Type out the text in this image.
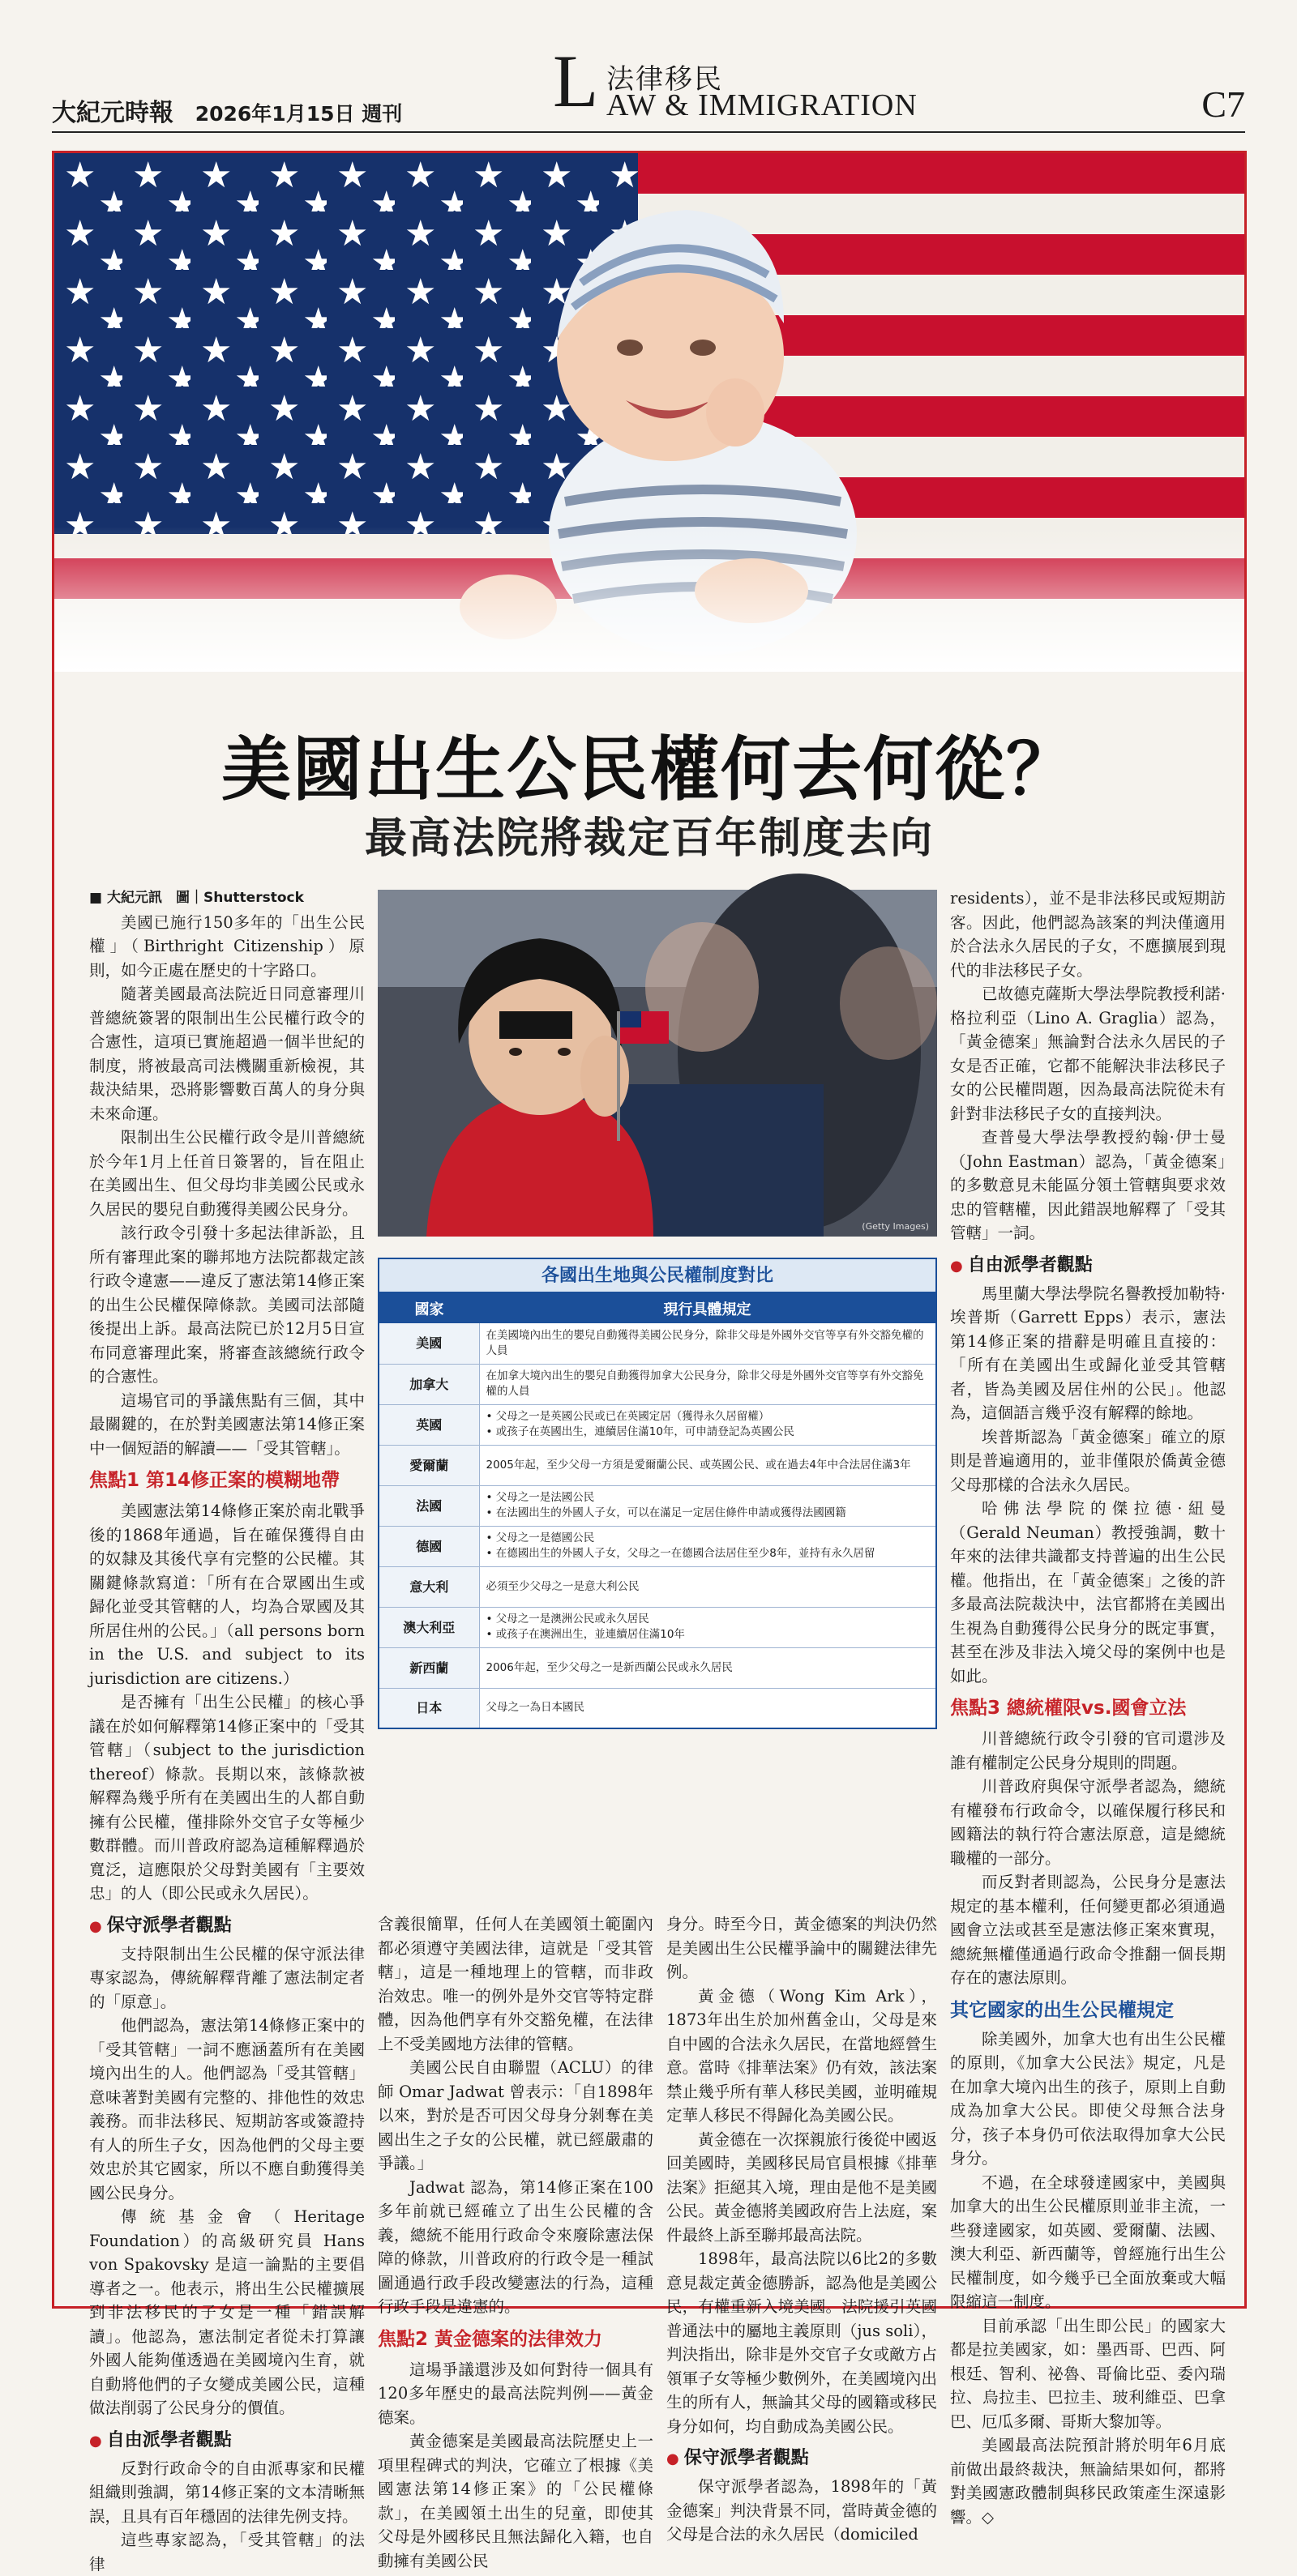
大紀元時報 2026年1月15日 週刊 L 法律移民
AW & IMMIGRATION	C7
美國出生公民權何去何從？
最高法院將裁定百年制度去向

■ 大紀元訊　圖｜Shutterstock

美國已施行150多年的「出生公民權」（Birthright Citizenship）原則，如今正處在歷史的十字路口。

隨著美國最高法院近日同意審理川普總統簽署的限制出生公民權行政令的合憲性，這項已實施超過一個半世紀的制度，將被最高司法機關重新檢視，其裁決結果，恐將影響數百萬人的身分與未來命運。

限制出生公民權行政令是川普總統於今年1月上任首日簽署的，旨在阻止在美國出生、但父母均非美國公民或永久居民的嬰兒自動獲得美國公民身分。

該行政令引發十多起法律訴訟，且所有審理此案的聯邦地方法院都裁定該行政令違憲——違反了憲法第14修正案的出生公民權保障條款。美國司法部隨後提出上訴。最高法院已於12月5日宣布同意審理此案，將審查該總統行政令的合憲性。

這場官司的爭議焦點有三個，其中最關鍵的，在於對美國憲法第14修正案中一個短語的解讀——「受其管轄」。

焦點1 第14修正案的模糊地帶

美國憲法第14條修正案於南北戰爭後的1868年通過，旨在確保獲得自由的奴隸及其後代享有完整的公民權。其關鍵條款寫道：「所有在合眾國出生或歸化並受其管轄的人，均為合眾國及其所居住州的公民。」（all persons born in the U.S. and subject to its jurisdiction are citizens.）

是否擁有「出生公民權」的核心爭議在於如何解釋第14修正案中的「受其管轄」（subject to the jurisdiction thereof）條款。長期以來，該條款被解釋為幾乎所有在美國出生的人都自動擁有公民權，僅排除外交官子女等極少數群體。而川普政府認為這種解釋過於寬泛，這應限於父母對美國有「主要效忠」的人（即公民或永久居民）。

● 保守派學者觀點

支持限制出生公民權的保守派法律專家認為，傳統解釋背離了憲法制定者的「原意」。

他們認為，憲法第14條修正案中的「受其管轄」一詞不應涵蓋所有在美國境內出生的人。他們認為「受其管轄」意味著對美國有完整的、排他性的效忠義務。而非法移民、短期訪客或簽證持有人的所生子女，因為他們的父母主要效忠於其它國家，所以不應自動獲得美國公民身分。

傳統基金會（Heritage Foundation）的高級研究員 Hans von Spakovsky 是這一論點的主要倡導者之一。他表示，將出生公民權擴展到非法移民的子女是一種「錯誤解讀」。他認為，憲法制定者從未打算讓外國人能夠僅透過在美國境內生育，就自動將他們的子女變成美國公民，這種做法削弱了公民身分的價值。

● 自由派學者觀點

反對行政命令的自由派專家和民權組織則強調，第14修正案的文本清晰無誤，且具有百年穩固的法律先例支持。

這些專家認為，「受其管轄」的法律

(Getty Images)
各國出生地與公民權制度對比
國家	現行具體規定
美國	在美國境內出生的嬰兒自動獲得美國公民身分，除非父母是外國外交官等享有外交豁免權的人員
加拿大	在加拿大境內出生的嬰兒自動獲得加拿大公民身分，除非父母是外國外交官等享有外交豁免權的人員
英國	• 父母之一是英國公民或已在英國定居（獲得永久居留權）
• 或孩子在英國出生，連續居住滿10年，可申請登記為英國公民
愛爾蘭	2005年起，至少父母一方須是愛爾蘭公民、或英國公民、或在過去4年中合法居住滿3年
法國	• 父母之一是法國公民
• 在法國出生的外國人子女，可以在滿足一定居住條件申請或獲得法國國籍
德國	• 父母之一是德國公民
• 在德國出生的外國人子女，父母之一在德國合法居住至少8年，並持有永久居留
意大利	必須至少父母之一是意大利公民
澳大利亞	• 父母之一是澳洲公民或永久居民
• 或孩子在澳洲出生，並連續居住滿10年
新西蘭	2006年起，至少父母之一是新西蘭公民或永久居民
日本	父母之一為日本國民

含義很簡單，任何人在美國領土範圍內都必須遵守美國法律，這就是「受其管轄」，這是一種地理上的管轄，而非政治效忠。唯一的例外是外交官等特定群體，因為他們享有外交豁免權，在法律上不受美國地方法律的管轄。

美國公民自由聯盟（ACLU）的律師 Omar Jadwat 曾表示：「自1898年以來，對於是否可因父母身分剝奪在美國出生之子女的公民權，就已經嚴肅的爭議。」

Jadwat 認為，第14修正案在100多年前就已經確立了出生公民權的含義，總統不能用行政命令來廢除憲法保障的條款，川普政府的行政令是一種試圖通過行政手段改變憲法的行為，這種行政手段是違憲的。

焦點2 黃金德案的法律效力

這場爭議還涉及如何對待一個具有120多年歷史的最高法院判例——黃金德案。

黃金德案是美國最高法院歷史上一項里程碑式的判決，它確立了根據《美國憲法第14修正案》的「公民權條款」，在美國領土出生的兒童，即使其父母是外國移民且無法歸化入籍，也自動擁有美國公民

身分。時至今日，黃金德案的判決仍然是美國出生公民權爭論中的關鍵法律先例。

黃金德（Wong Kim Ark），1873年出生於加州舊金山，父母是來自中國的合法永久居民，在當地經營生意。當時《排華法案》仍有效，該法案禁止幾乎所有華人移民美國，並明確規定華人移民不得歸化為美國公民。

黃金德在一次探親旅行後從中國返回美國時，美國移民局官員根據《排華法案》拒絕其入境，理由是他不是美國公民。黃金德將美國政府告上法庭，案件最終上訴至聯邦最高法院。

1898年，最高法院以6比2的多數意見裁定黃金德勝訴，認為他是美國公民，有權重新入境美國。法院援引英國普通法中的屬地主義原則（jus soli），判決指出，除非是外交官子女或敵方占領軍子女等極少數例外，在美國境內出生的所有人，無論其父母的國籍或移民身分如何，均自動成為美國公民。

● 保守派學者觀點

保守派學者認為，1898年的「黃金德案」判決背景不同，當時黃金德的父母是合法的永久居民（domiciled

residents），並不是非法移民或短期訪客。因此，他們認為該案的判決僅適用於合法永久居民的子女，不應擴展到現代的非法移民子女。

已故德克薩斯大學法學院教授利諾·格拉利亞（Lino A. Graglia）認為，「黃金德案」無論對合法永久居民的子女是否正確，它都不能解決非法移民子女的公民權問題，因為最高法院從未有針對非法移民子女的直接判決。

查普曼大學法學教授約翰·伊士曼（John Eastman）認為，「黃金德案」的多數意見未能區分領土管轄與要求效忠的管轄權，因此錯誤地解釋了「受其管轄」一詞。

● 自由派學者觀點

馬里蘭大學法學院名譽教授加勒特·埃普斯（Garrett Epps）表示，憲法第14修正案的措辭是明確且直接的：「所有在美國出生或歸化並受其管轄者，皆為美國及居住州的公民」。他認為，這個語言幾乎沒有解釋的餘地。

埃普斯認為「黃金德案」確立的原則是普遍適用的，並非僅限於僑黃金德父母那樣的合法永久居民。

哈佛法學院的傑拉德·紐曼（Gerald Neuman）教授強調，數十年來的法律共識都支持普遍的出生公民權。他指出，在「黃金德案」之後的許多最高法院裁決中，法官都將在美國出生視為自動獲得公民身分的既定事實，甚至在涉及非法入境父母的案例中也是如此。

焦點3 總統權限vs.國會立法

川普總統行政令引發的官司還涉及誰有權制定公民身分規則的問題。

川普政府與保守派學者認為，總統有權發布行政命令，以確保履行移民和國籍法的執行符合憲法原意，這是總統職權的一部分。

而反對者則認為，公民身分是憲法規定的基本權利，任何變更都必須通過國會立法或甚至是憲法修正案來實現，總統無權僅通過行政命令推翻一個長期存在的憲法原則。

其它國家的出生公民權規定

除美國外，加拿大也有出生公民權的原則，《加拿大公民法》規定，凡是在加拿大境內出生的孩子，原則上自動成為加拿大公民。即使父母無合法身分，孩子本身仍可依法取得加拿大公民身分。

不過，在全球發達國家中，美國與加拿大的出生公民權原則並非主流，一些發達國家，如英國、愛爾蘭、法國、澳大利亞、新西蘭等，曾經施行出生公民權制度，如今幾乎已全面放棄或大幅限縮這一制度。

目前承認「出生即公民」的國家大都是拉美國家，如：墨西哥、巴西、阿根廷、智利、祕魯、哥倫比亞、委內瑞拉、烏拉圭、巴拉圭、玻利維亞、巴拿巴、厄瓜多爾、哥斯大黎加等。

美國最高法院預計將於明年6月底前做出最終裁決，無論結果如何，都將對美國憲政體制與移民政策產生深遠影響。◇
